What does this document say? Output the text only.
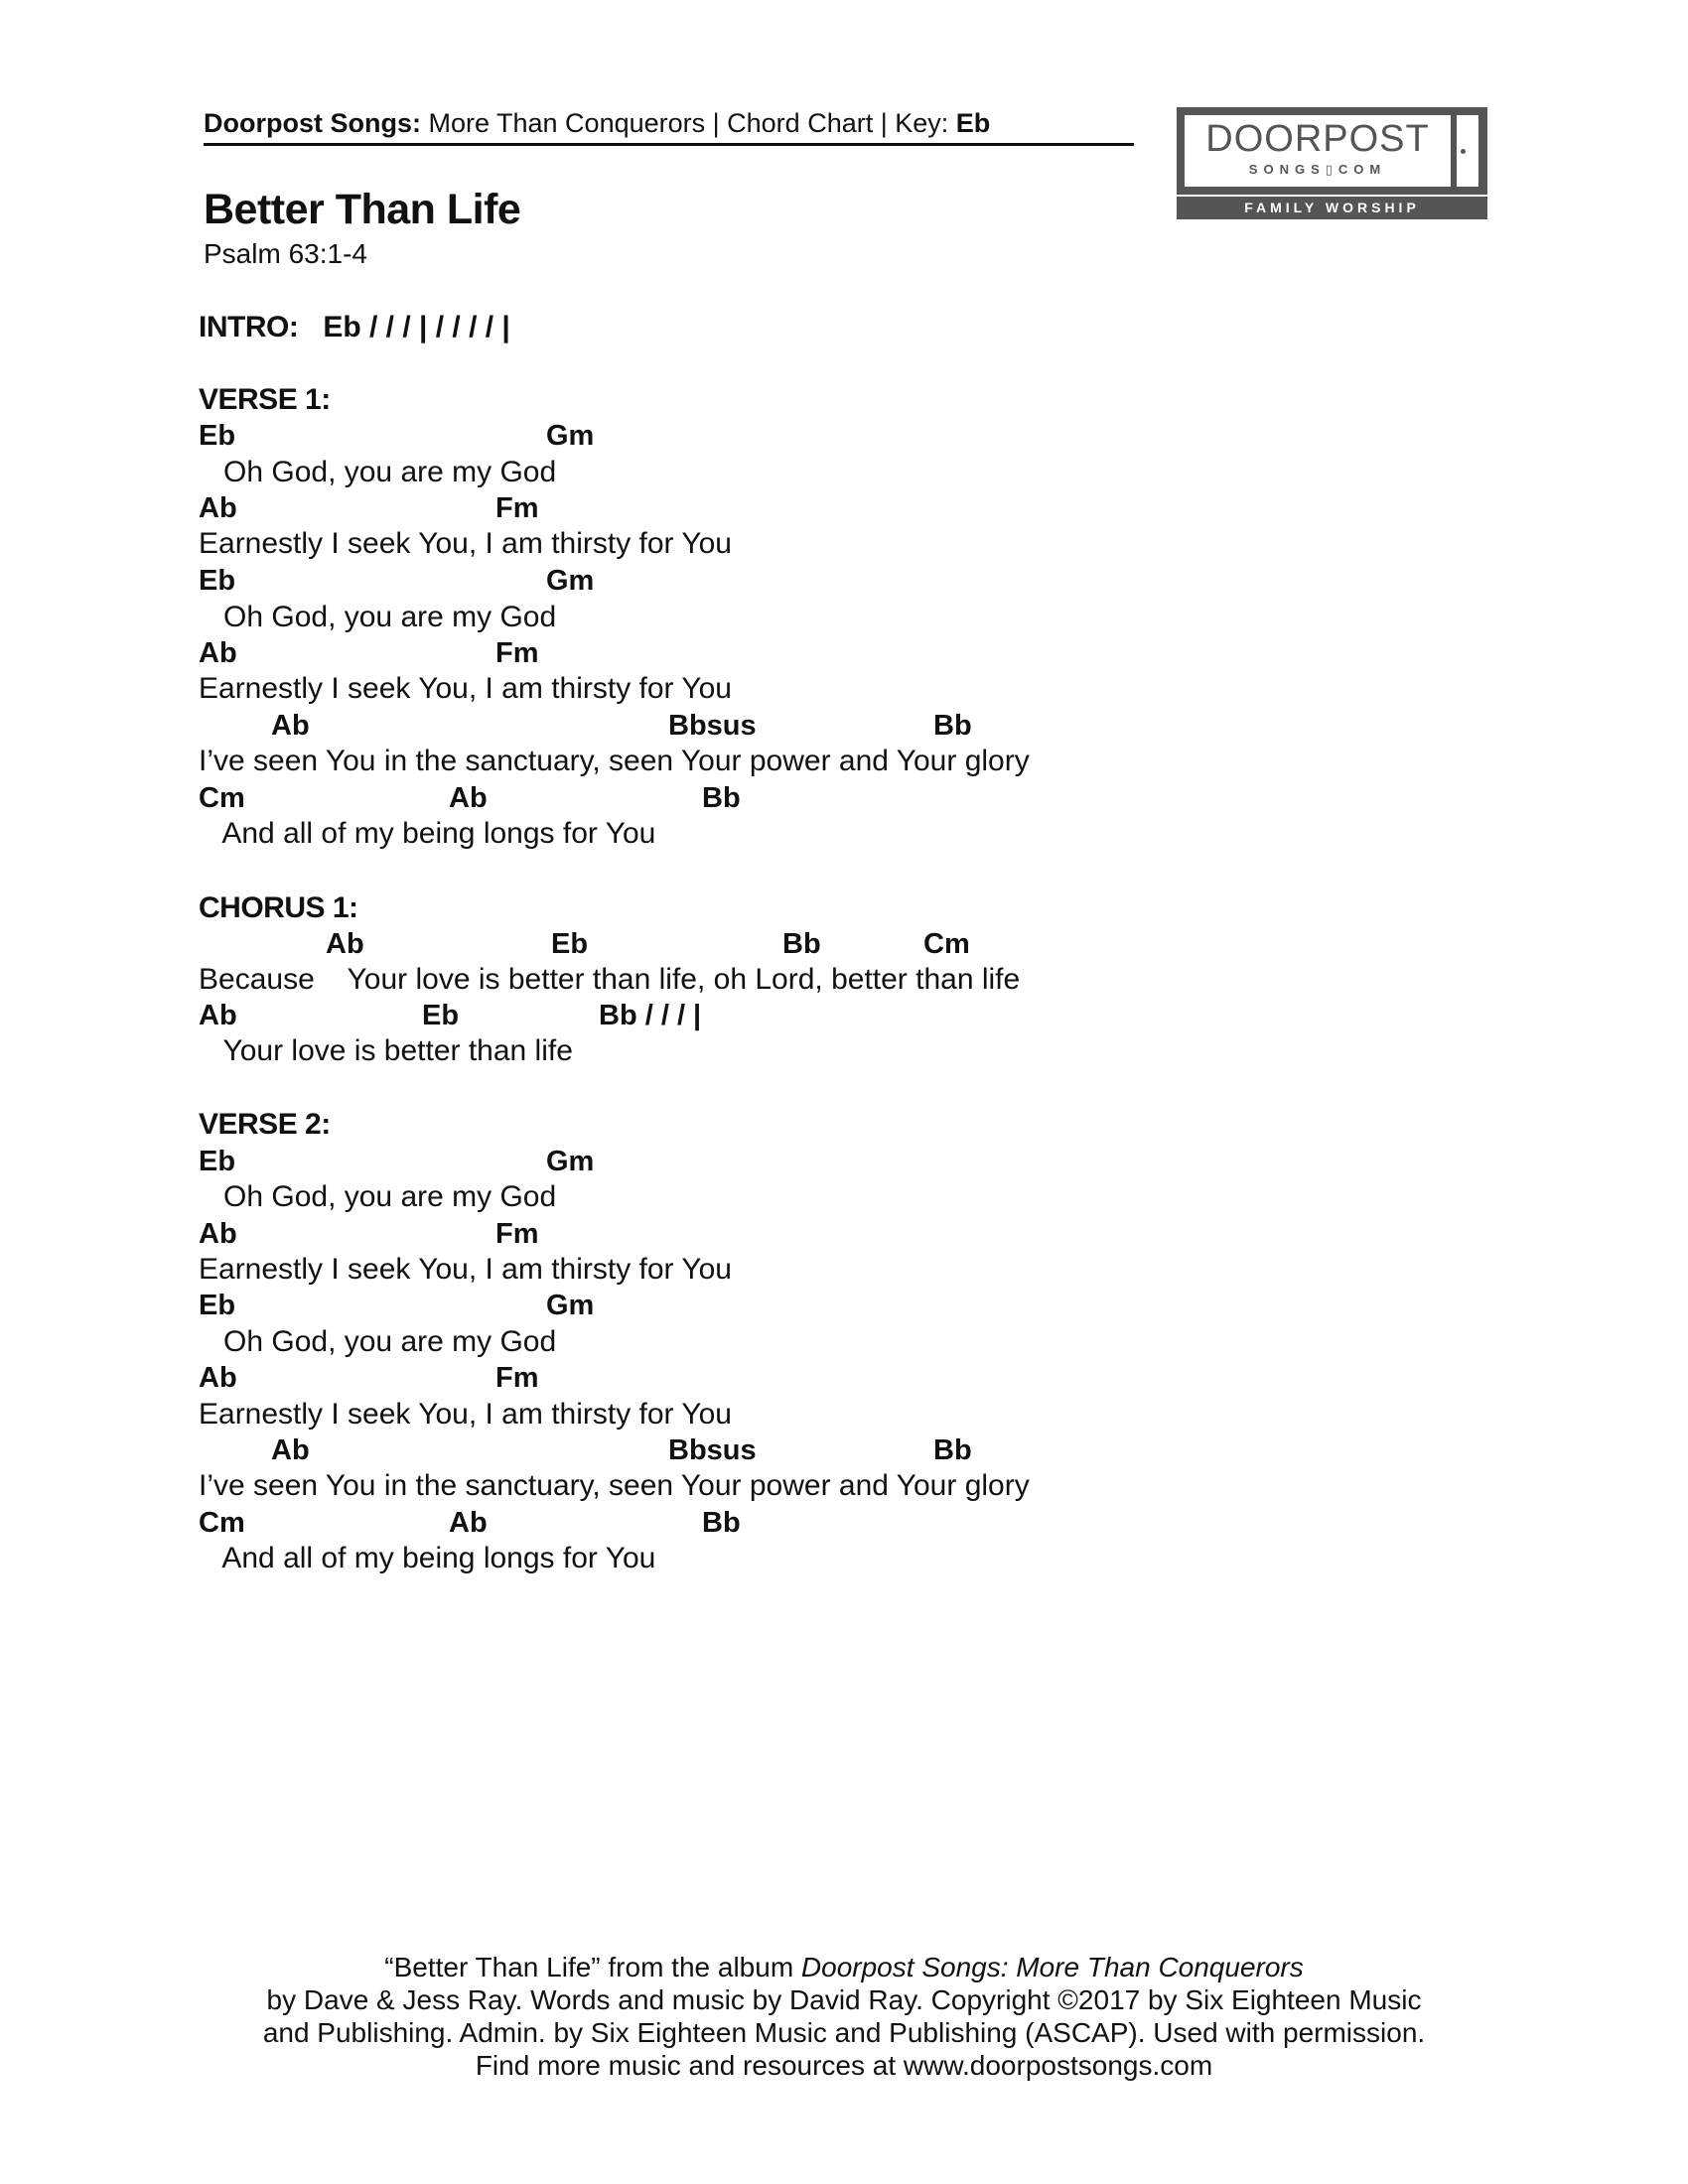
Doorpost Songs: More Than Conquerors | Chord Chart | Key: Eb	DOORPOST
SONGS▯COM
FAMILY WORSHIP
Better Than Life
Psalm 63:1-4
INTRO: Eb / / / | / / / / |
VERSE 1:
Eb	Gm
Oh God, you are my God
Ab	Fm
Earnestly I seek You, I am thirsty for You
Eb	Gm
Oh God, you are my God
Ab	Fm
Earnestly I seek You, I am thirsty for You
Ab	Bbsus	Bb
I’ve seen You in the sanctuary, seen Your power and Your glory
Cm	Ab	Bb
And all of my being longs for You
CHORUS 1:
Ab	Eb	Bb	Cm
Because    Your love is better than life, oh Lord, better than life
Ab	Eb	Bb / / / |
Your love is better than life
VERSE 2:
Eb	Gm
Oh God, you are my God
Ab	Fm
Earnestly I seek You, I am thirsty for You
Eb	Gm
Oh God, you are my God
Ab	Fm
Earnestly I seek You, I am thirsty for You
Ab	Bbsus	Bb
I’ve seen You in the sanctuary, seen Your power and Your glory
Cm	Ab	Bb
And all of my being longs for You
“Better Than Life” from the album Doorpost Songs: More Than Conquerors
by Dave & Jess Ray. Words and music by David Ray. Copyright ©2017 by Six Eighteen Music
and Publishing. Admin. by Six Eighteen Music and Publishing (ASCAP). Used with permission.
Find more music and resources at www.doorpostsongs.com
